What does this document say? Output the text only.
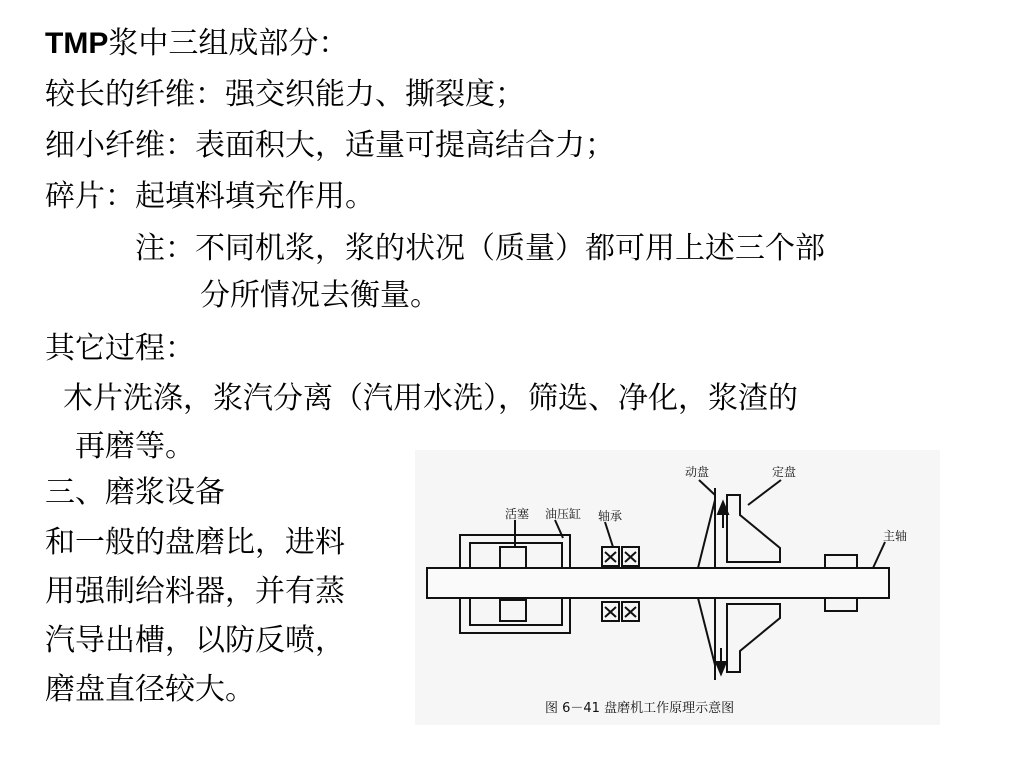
TMP浆中三组成部分：
较长的纤维：强交织能力、撕裂度；
细小纤维：表面积大，适量可提高结合力；
碎片：起填料填充作用。
注：不同机浆，浆的状况（质量）都可用上述三个部
分所情况去衡量。
其它过程：
木片洗涤，浆汽分离（汽用水洗），筛选、净化，浆渣的
再磨等。
三、磨浆设备
和一般的盘磨比，进料
用强制给料器，并有蒸
汽导出槽，以防反喷，
磨盘直径较大。
活塞 油压缸 轴承
动盘	定盘
主轴
图 6－41 盘磨机工作原理示意图
